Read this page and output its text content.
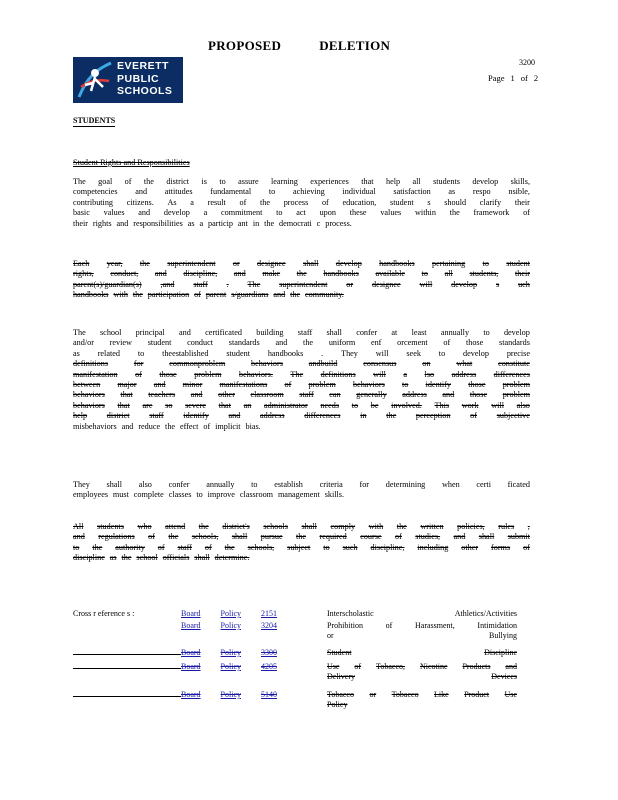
PROPOSED	DELETION
EVERETT
PUBLIC
SCHOOLS
3200
Page 1 of 2
STUDENTS
Student Rights and Responsibilities
The goal of the district is to assure learning experiences that help all students develop skills,
competencies and attitudes fundamental to achieving individual satisfaction as respo nsible,
contributing citizens. As a result of the process of education, student s should clarify their
basic values and develop a commitment to act upon these values within the framework of
their rights and responsibilities as a particip ant in the democrati c process.
Each year, the superintendent or designee shall develop handbooks pertaining to student
rights, conduct, and discipline, and make the handbooks available to all students, their
parent(s)/guardian(s) ,and staff . The superintendent or designee will develop s uch
handbooks with the participation of parent s/guardians and the community.
The school principal and certificated building staff shall confer at least annually to develop
and/or review student conduct standards and the uniform enf orcement of those standards
as related to theestablished student handbooks . They will seek to develop precise
definitions	for	commonproblem	behaviors	andbuild	consensus	on	what	constitute
manifestation of those problem behaviors. The definitions will a lso address differences
between major and minor manifestations of problem behaviors to identify those problem
behaviors that teachers and other classroom staff can generally address and those problem
behaviors that are so severe that an administrator needs to be involved. This work will also
help district staff identify and address differences in the perception of subjective
misbehaviors and reduce the effect of implicit bias.
They shall also confer annually to establish criteria for determining when certi ficated
employees must complete classes to improve classroom management skills.
All students who attend the district's schools shall comply with the written policies, rules ,
and regulations of the schools, shall pursue the required course of studies, and shall submit
to the authority of staff of the schools, subject to such discipline, including other forms of
discipline as the school officials shall determine.
Cross r eference s :	Board Policy 2151	Interscholastic	Athletics/Activities
Board Policy 3204	Prohibition	of	Harassment,	Intimidation
or	Bullying
Board Policy 3300	Student	Discipline
Board Policy 4205	Use of Tobacco, Nicotine Products and
Delivery	Devices
Board Policy 5140	Tobacco or Tobacco Like Product Use
Policy
